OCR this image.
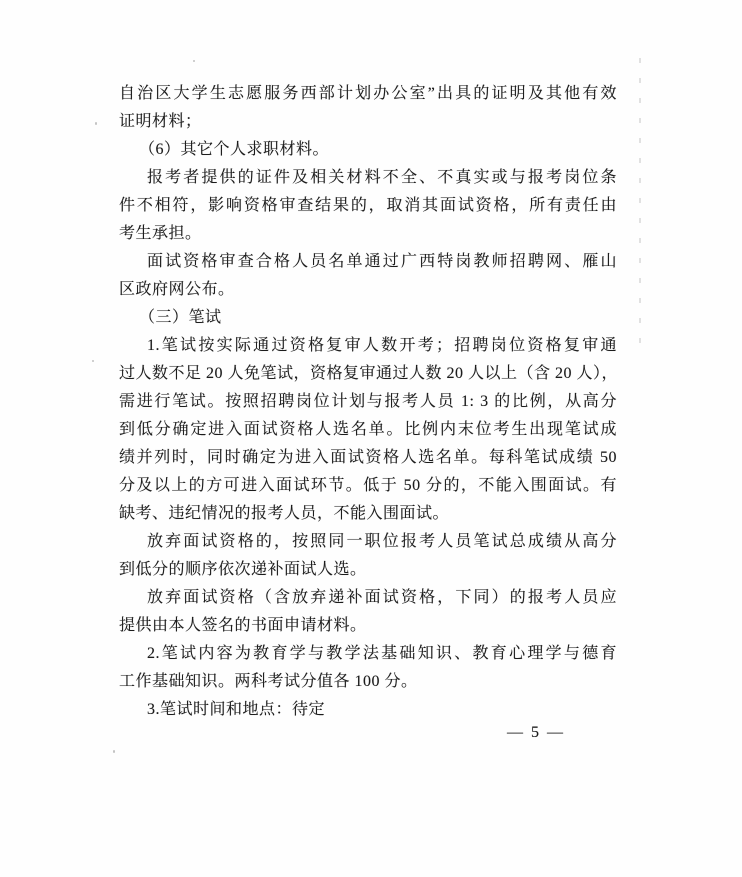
自治区大学生志愿服务西部计划办公室”出具的证明及其他有效
证明材料；
（6）其它个人求职材料。
报考者提供的证件及相关材料不全、不真实或与报考岗位条
件不相符，影响资格审查结果的，取消其面试资格，所有责任由
考生承担。
面试资格审查合格人员名单通过广西特岗教师招聘网、雁山
区政府网公布。
（三）笔试
1.笔试按实际通过资格复审人数开考；招聘岗位资格复审通
过人数不足 20 人免笔试，资格复审通过人数 20 人以上（含 20 人），
需进行笔试。按照招聘岗位计划与报考人员 1: 3 的比例，从高分
到低分确定进入面试资格人选名单。比例内末位考生出现笔试成
绩并列时，同时确定为进入面试资格人选名单。每科笔试成绩 50
分及以上的方可进入面试环节。低于 50 分的，不能入围面试。有
缺考、违纪情况的报考人员，不能入围面试。
放弃面试资格的，按照同一职位报考人员笔试总成绩从高分
到低分的顺序依次递补面试人选。
放弃面试资格（含放弃递补面试资格，下同）的报考人员应
提供由本人签名的书面申请材料。
2.笔试内容为教育学与教学法基础知识、教育心理学与德育
工作基础知识。两科考试分值各 100 分。
3.笔试时间和地点：待定
— 5 —
